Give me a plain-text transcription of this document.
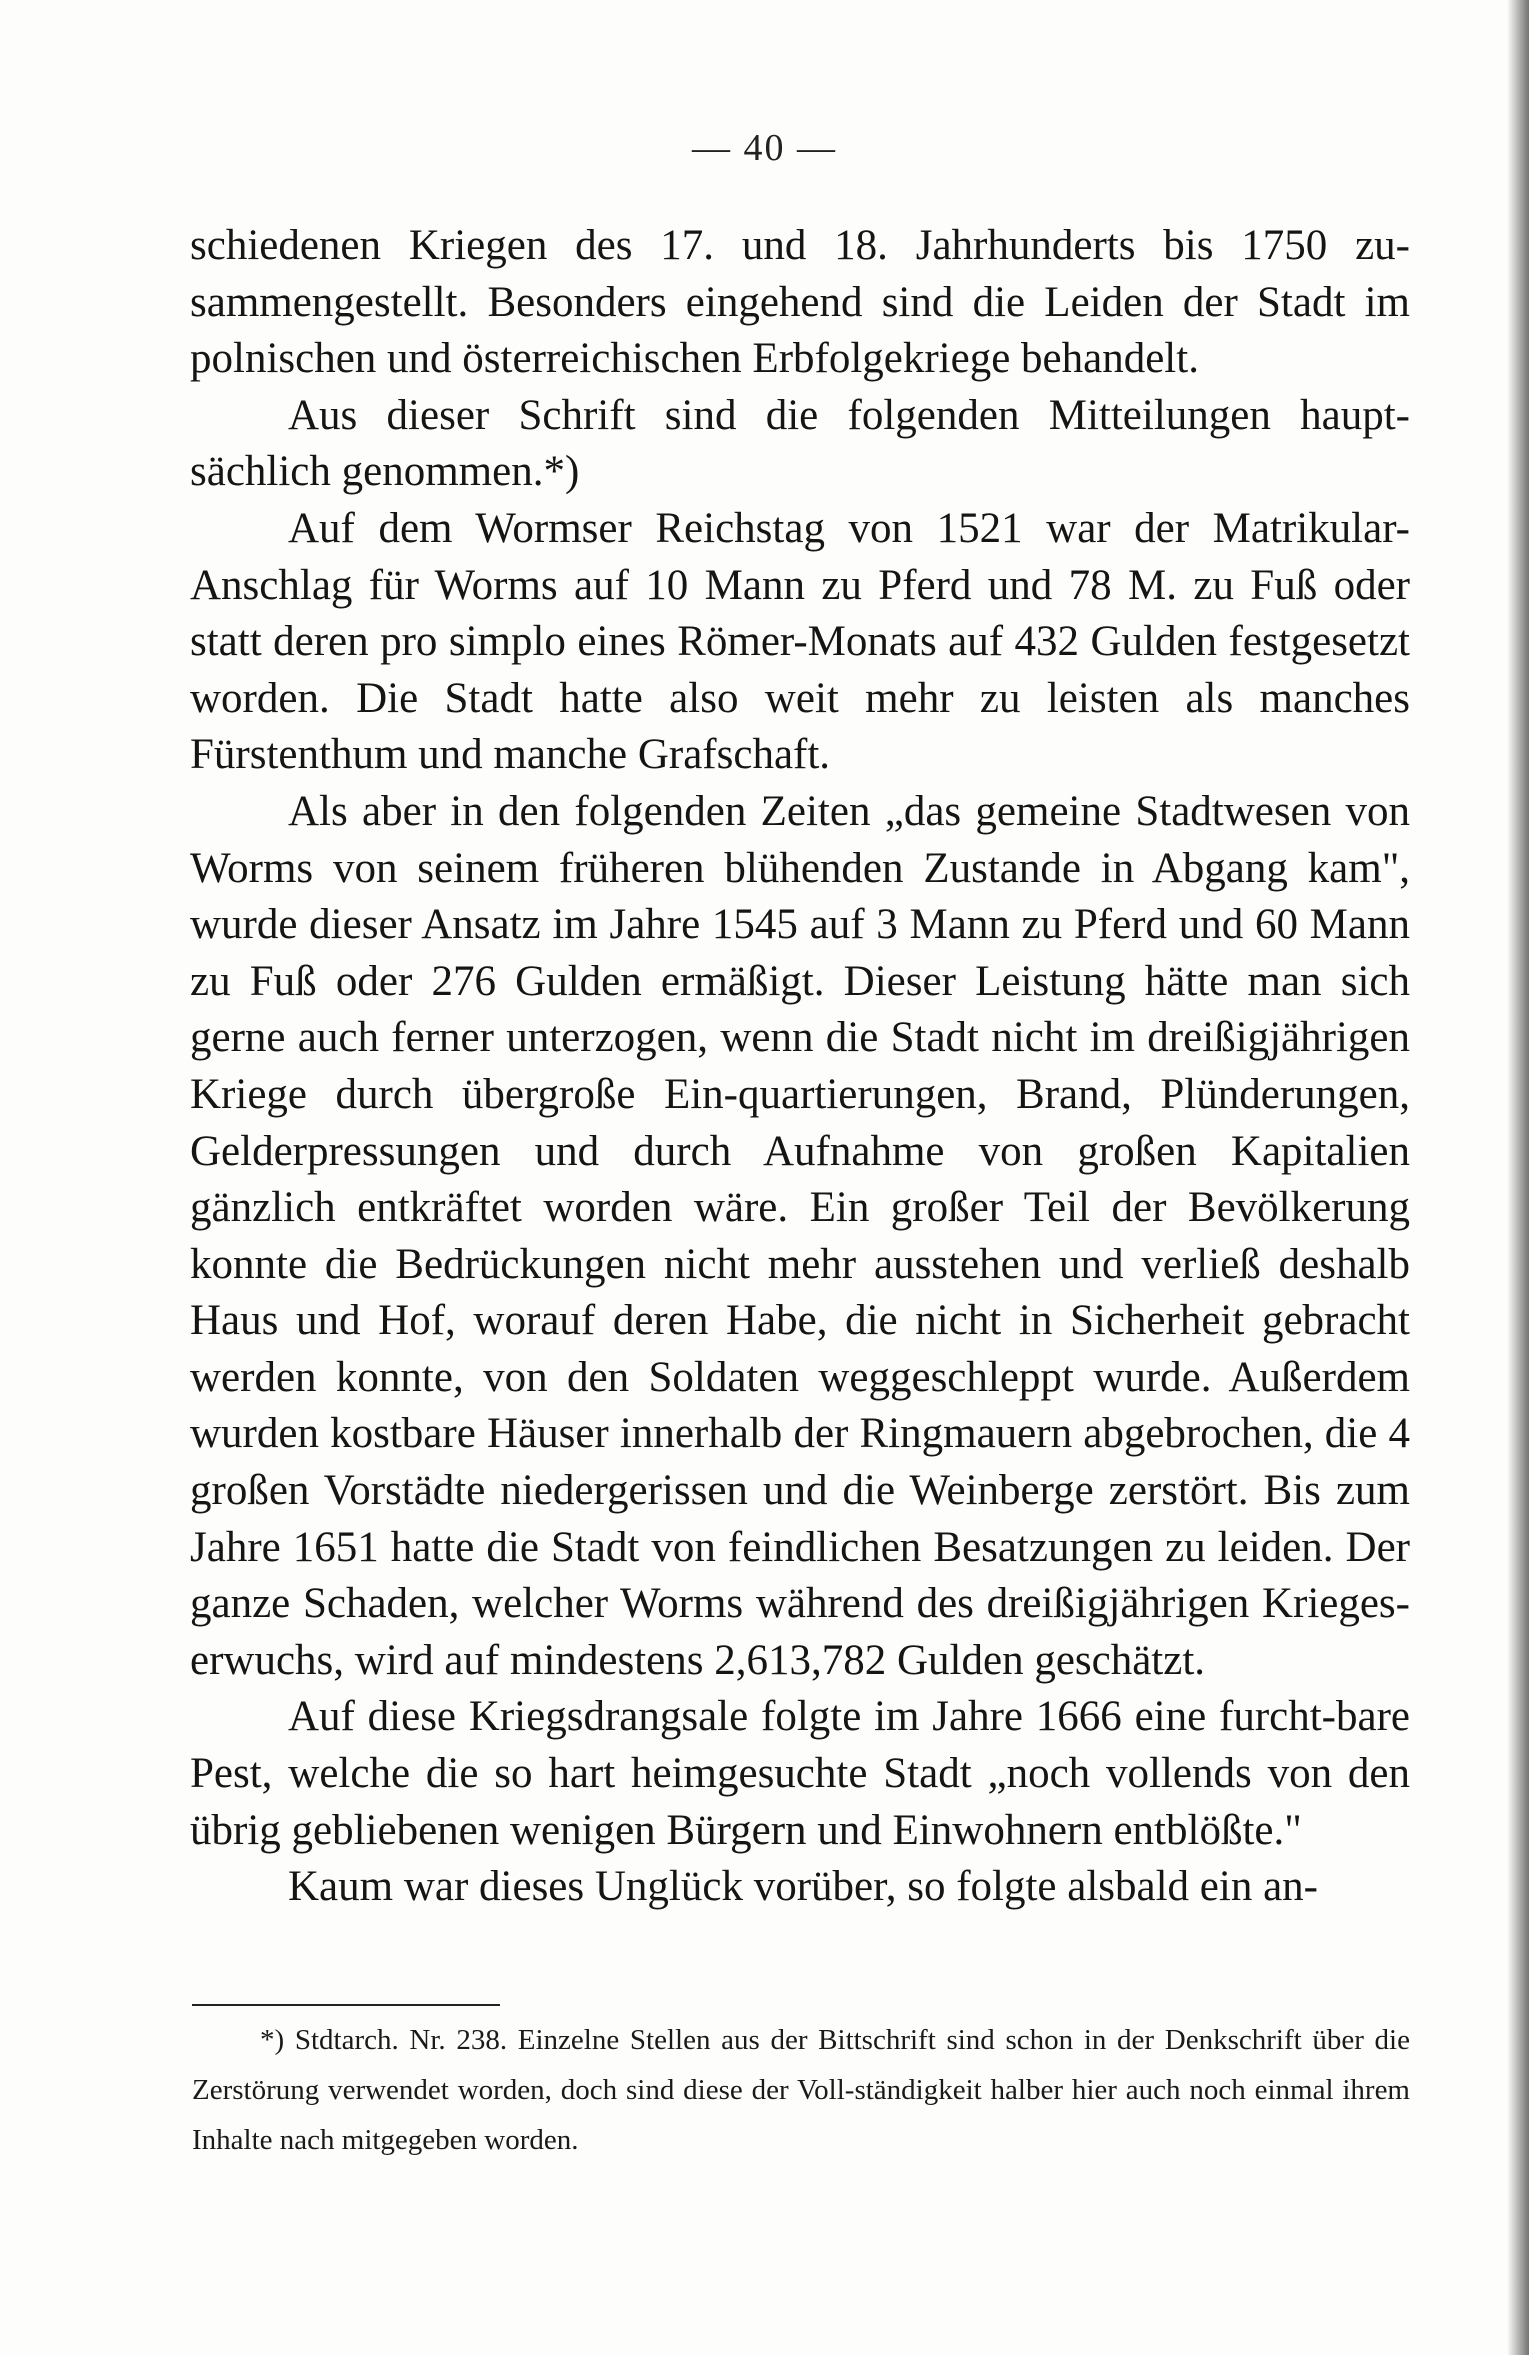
— 40 —

schiedenen Kriegen des 17. und 18. Jahrhunderts bis 1750 zu-sammengestellt. Besonders eingehend sind die Leiden der Stadt im polnischen und österreichischen Erbfolgekriege behandelt.

Aus dieser Schrift sind die folgenden Mitteilungen haupt-sächlich genommen.*)

Auf dem Wormser Reichstag von 1521 war der Matrikular-Anschlag für Worms auf 10 Mann zu Pferd und 78 M. zu Fuß oder statt deren pro simplo eines Römer-Monats auf 432 Gulden festgesetzt worden. Die Stadt hatte also weit mehr zu leisten als manches Fürstenthum und manche Grafschaft.

Als aber in den folgenden Zeiten „das gemeine Stadtwesen von Worms von seinem früheren blühenden Zustande in Abgang kam", wurde dieser Ansatz im Jahre 1545 auf 3 Mann zu Pferd und 60 Mann zu Fuß oder 276 Gulden ermäßigt. Dieser Leistung hätte man sich gerne auch ferner unterzogen, wenn die Stadt nicht im dreißigjährigen Kriege durch übergroße Ein-quartierungen, Brand, Plünderungen, Gelderpressungen und durch Aufnahme von großen Kapitalien gänzlich entkräftet worden wäre. Ein großer Teil der Bevölkerung konnte die Bedrückungen nicht mehr ausstehen und verließ deshalb Haus und Hof, worauf deren Habe, die nicht in Sicherheit gebracht werden konnte, von den Soldaten weggeschleppt wurde. Außerdem wurden kostbare Häuser innerhalb der Ringmauern abgebrochen, die 4 großen Vorstädte niedergerissen und die Weinberge zerstört. Bis zum Jahre 1651 hatte die Stadt von feindlichen Besatzungen zu leiden. Der ganze Schaden, welcher Worms während des dreißigjährigen Krieges-erwuchs, wird auf mindestens 2,613,782 Gulden geschätzt.

Auf diese Kriegsdrangsale folgte im Jahre 1666 eine furcht-bare Pest, welche die so hart heimgesuchte Stadt „noch vollends von den übrig gebliebenen wenigen Bürgern und Einwohnern entblößte."

Kaum war dieses Unglück vorüber, so folgte alsbald ein an-

*) Stdtarch. Nr. 238. Einzelne Stellen aus der Bittschrift sind schon in der Denkschrift über die Zerstörung verwendet worden, doch sind diese der Voll-ständigkeit halber hier auch noch einmal ihrem Inhalte nach mitgegeben worden.
